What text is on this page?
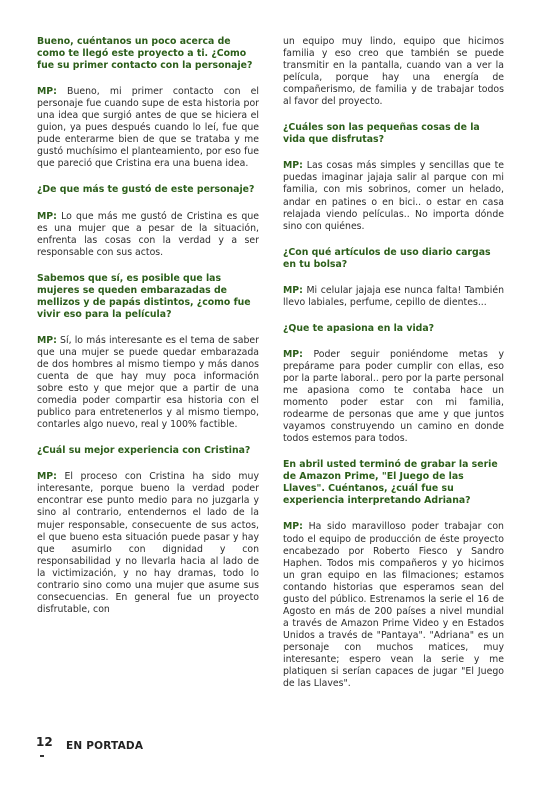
Bueno, cuéntanos un poco acerca de como te llegó este proyecto a ti. ¿Como fue su primer contacto con la personaje?
MP: Bueno, mi primer contacto con el personaje fue cuando supe de esta historia por una idea que surgió antes de que se hiciera el guion, ya pues después cuando lo leí, fue que pude enterarme bien de que se trataba y me gustó muchísimo el planteamiento, por eso fue que pareció que Cristina era una buena idea.
¿De que más te gustó de este personaje?
MP: Lo que más me gustó de Cristina es que es una mujer que a pesar de la situación, enfrenta las cosas con la verdad y a ser responsable con sus actos.
Sabemos que sí, es posible que las mujeres se queden embarazadas de mellizos y de papás distintos, ¿como fue vivir eso para la película?
MP: Sí, lo más interesante es el tema de saber que una mujer se puede quedar embarazada de dos hombres al mismo tiempo y más danos cuenta de que hay muy poca información sobre esto y que mejor que a partir de una comedia poder compartir esa historia con el publico para entretenerlos y al mismo tiempo, contarles algo nuevo, real y 100% factible.
¿Cuál su mejor experiencia con Cristina?
MP: El proceso con Cristina ha sido muy interesante, porque bueno la verdad poder encontrar ese punto medio para no juzgarla y sino al contrario, entendernos el lado de la mujer responsable, consecuente de sus actos, el que bueno esta situación puede pasar y hay que asumirlo con dignidad y con responsabilidad y no llevarla hacia al lado de la victimización, y no hay dramas, todo lo contrario sino como una mujer que asume sus consecuencias. En general fue un proyecto disfrutable, con
un equipo muy lindo, equipo que hicimos familia y eso creo que también se puede transmitir en la pantalla, cuando van a ver la película, porque hay una energía de compañerismo, de familia y de trabajar todos al favor del proyecto.
¿Cuáles son las pequeñas cosas de la vida que disfrutas?
MP: Las cosas más simples y sencillas que te puedas imaginar jajaja salir al parque con mi familia, con mis sobrinos, comer un helado, andar en patines o en bici.. o estar en casa relajada viendo películas.. No importa dónde sino con quiénes.
¿Con qué artículos de uso diario cargas en tu bolsa?
MP: Mi celular jajaja ese nunca falta! También llevo labiales, perfume, cepillo de dientes...
¿Que te apasiona en la vida?
MP: Poder seguir poniéndome metas y prepárame para poder cumplir con ellas, eso por la parte laboral.. pero por la parte personal me apasiona como te contaba hace un momento poder estar con mi familia, rodearme de personas que ame y que juntos vayamos construyendo un camino en donde todos estemos para todos.
En abril usted terminó de grabar la serie de Amazon Prime, "El Juego de las Llaves". Cuéntanos, ¿cuál fue su experiencia interpretando Adriana?
MP: Ha sido maravilloso poder trabajar con todo el equipo de producción de éste proyecto encabezado por Roberto Fiesco y Sandro Haphen. Todos mis compañeros y yo hicimos un gran equipo en las filmaciones; estamos contando historias que esperamos sean del gusto del público. Estrenamos la serie el 16 de Agosto en más de 200 países a nivel mundial a través de Amazon Prime Video y en Estados Unidos a través de "Pantaya". "Adriana" es un personaje con muchos matices, muy interesante; espero vean la serie y me platiquen si serían capaces de jugar "El Juego de las Llaves".
12 EN PORTADA
